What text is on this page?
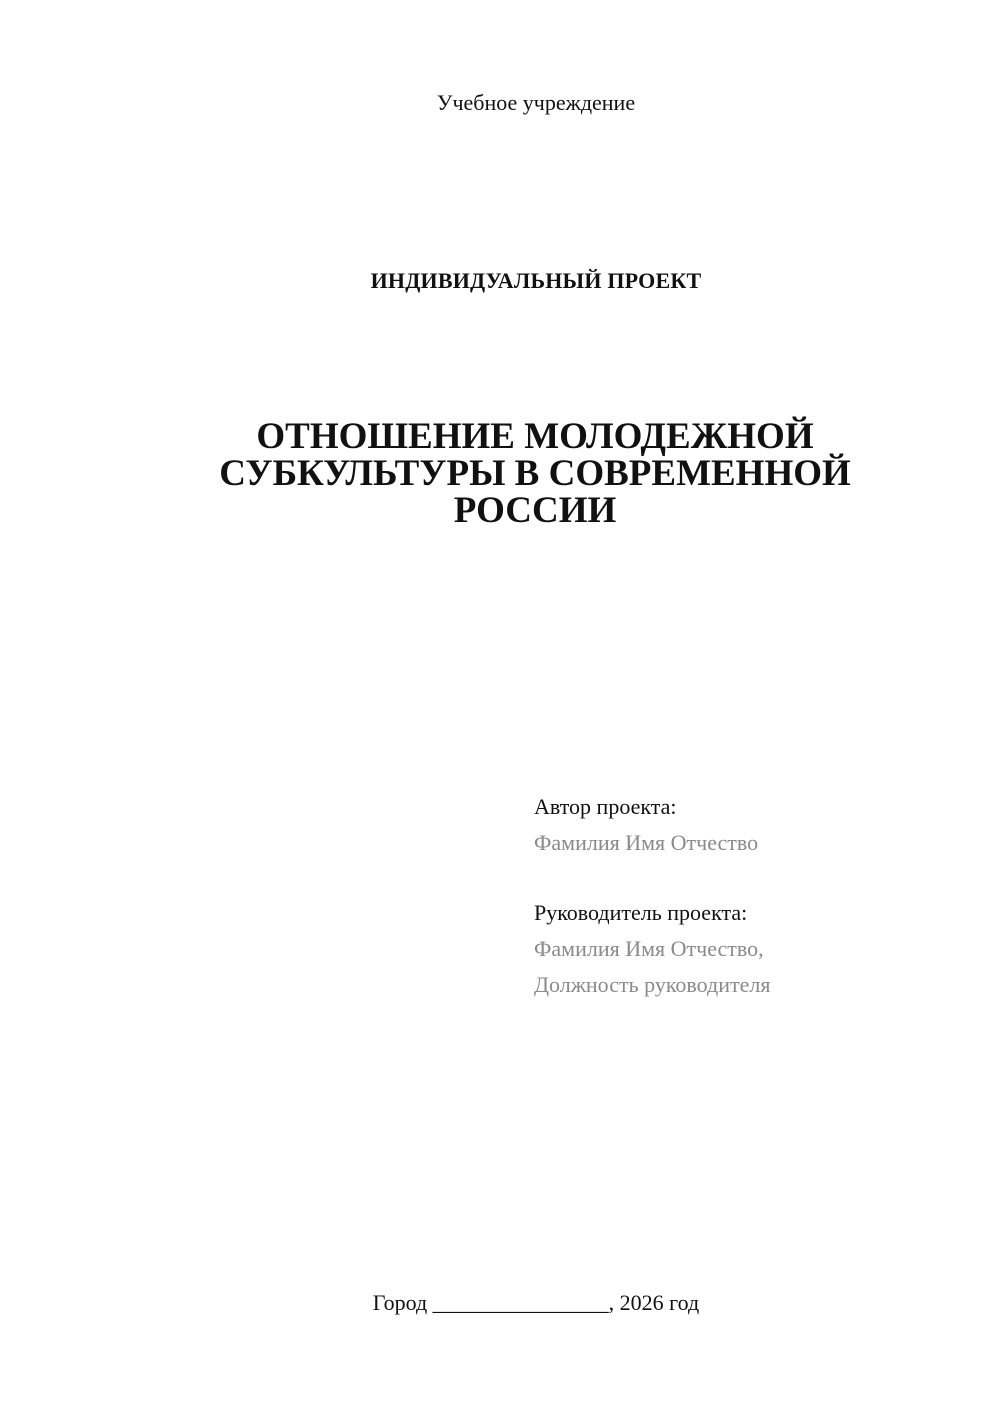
Учебное учреждение
ИНДИВИДУАЛЬНЫЙ ПРОЕКТ
ОТНОШЕНИЕ МОЛОДЕЖНОЙ
СУБКУЛЬТУРЫ В СОВРЕМЕННОЙ
РОССИИ
Автор проекта:
Фамилия Имя Отчество
Руководитель проекта:
Фамилия Имя Отчество,
Должность руководителя
Город ________________, 2026 год
